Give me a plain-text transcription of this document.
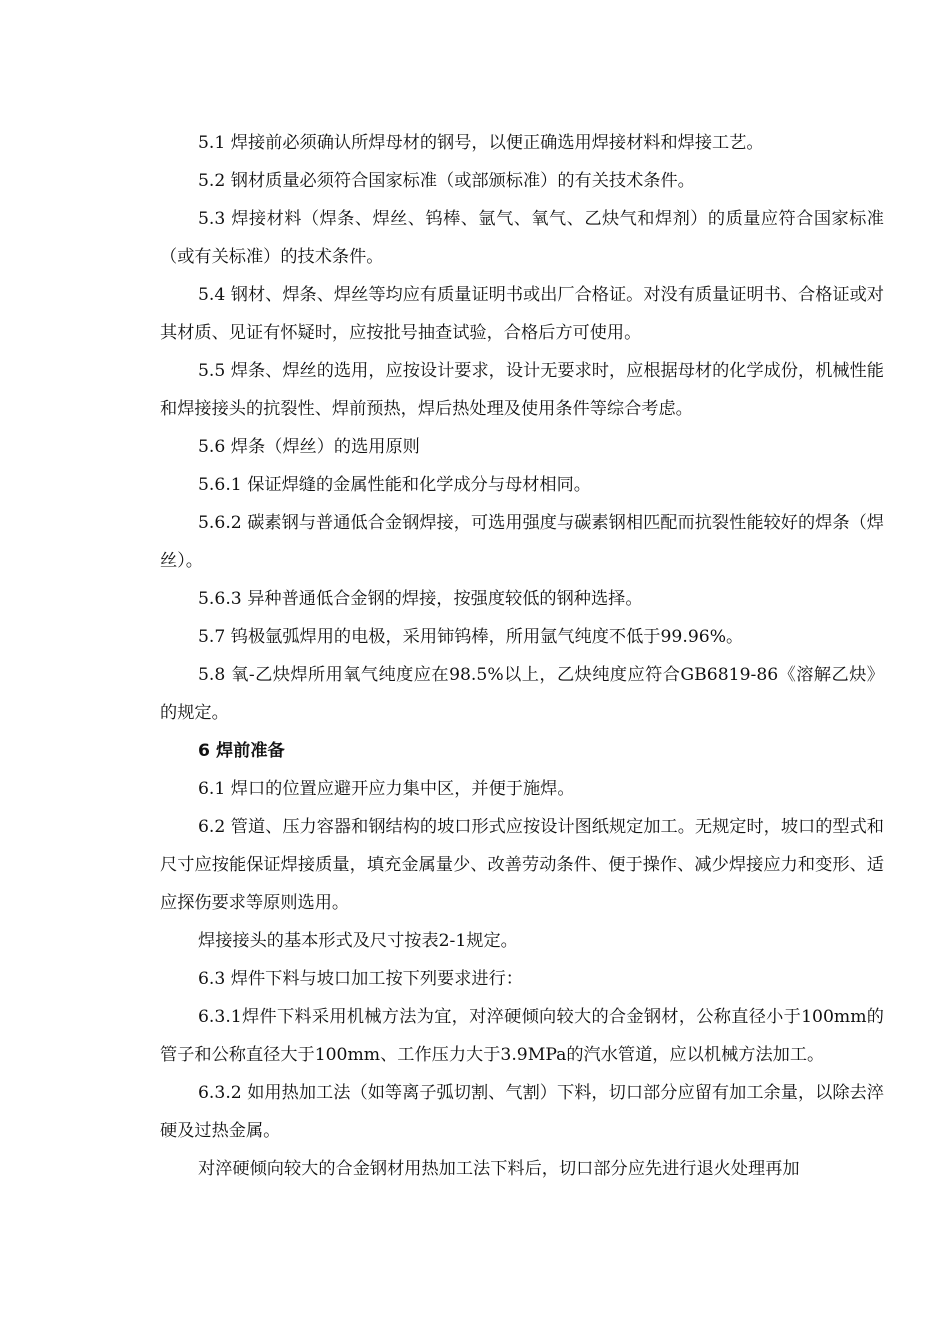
5.1 焊接前必须确认所焊母材的钢号，以便正确选用焊接材料和焊接工艺。

5.2 钢材质量必须符合国家标准（或部颁标准）的有关技术条件。

5.3 焊接材料（焊条、焊丝、钨棒、氩气、氧气、乙炔气和焊剂）的质量应符合国家标准（或有关标准）的技术条件。

5.4 钢材、焊条、焊丝等均应有质量证明书或出厂合格证。对没有质量证明书、合格证或对其材质、见证有怀疑时，应按批号抽查试验，合格后方可使用。

5.5 焊条、焊丝的选用，应按设计要求，设计无要求时，应根据母材的化学成份，机械性能和焊接接头的抗裂性、焊前预热，焊后热处理及使用条件等综合考虑。

5.6 焊条（焊丝）的选用原则

5.6.1 保证焊缝的金属性能和化学成分与母材相同。

5.6.2 碳素钢与普通低合金钢焊接，可选用强度与碳素钢相匹配而抗裂性能较好的焊条（焊丝）。

5.6.3 异种普通低合金钢的焊接，按强度较低的钢种选择。

5.7 钨极氩弧焊用的电极，采用铈钨棒，所用氩气纯度不低于99.96%。

5.8 氧-乙炔焊所用氧气纯度应在98.5%以上，乙炔纯度应符合GB6819-86《溶解乙炔》的规定。

6 焊前准备

6.1 焊口的位置应避开应力集中区，并便于施焊。

6.2 管道、压力容器和钢结构的坡口形式应按设计图纸规定加工。无规定时，坡口的型式和尺寸应按能保证焊接质量，填充金属量少、改善劳动条件、便于操作、减少焊接应力和变形、适应探伤要求等原则选用。

焊接接头的基本形式及尺寸按表2-1规定。

6.3 焊件下料与坡口加工按下列要求进行：

6.3.1焊件下料采用机械方法为宜，对淬硬倾向较大的合金钢材，公称直径小于100mm的管子和公称直径大于100mm、工作压力大于3.9MPa的汽水管道，应以机械方法加工。

6.3.2 如用热加工法（如等离子弧切割、气割）下料，切口部分应留有加工余量，以除去淬硬及过热金属。

对淬硬倾向较大的合金钢材用热加工法下料后，切口部分应先进行退火处理再加
